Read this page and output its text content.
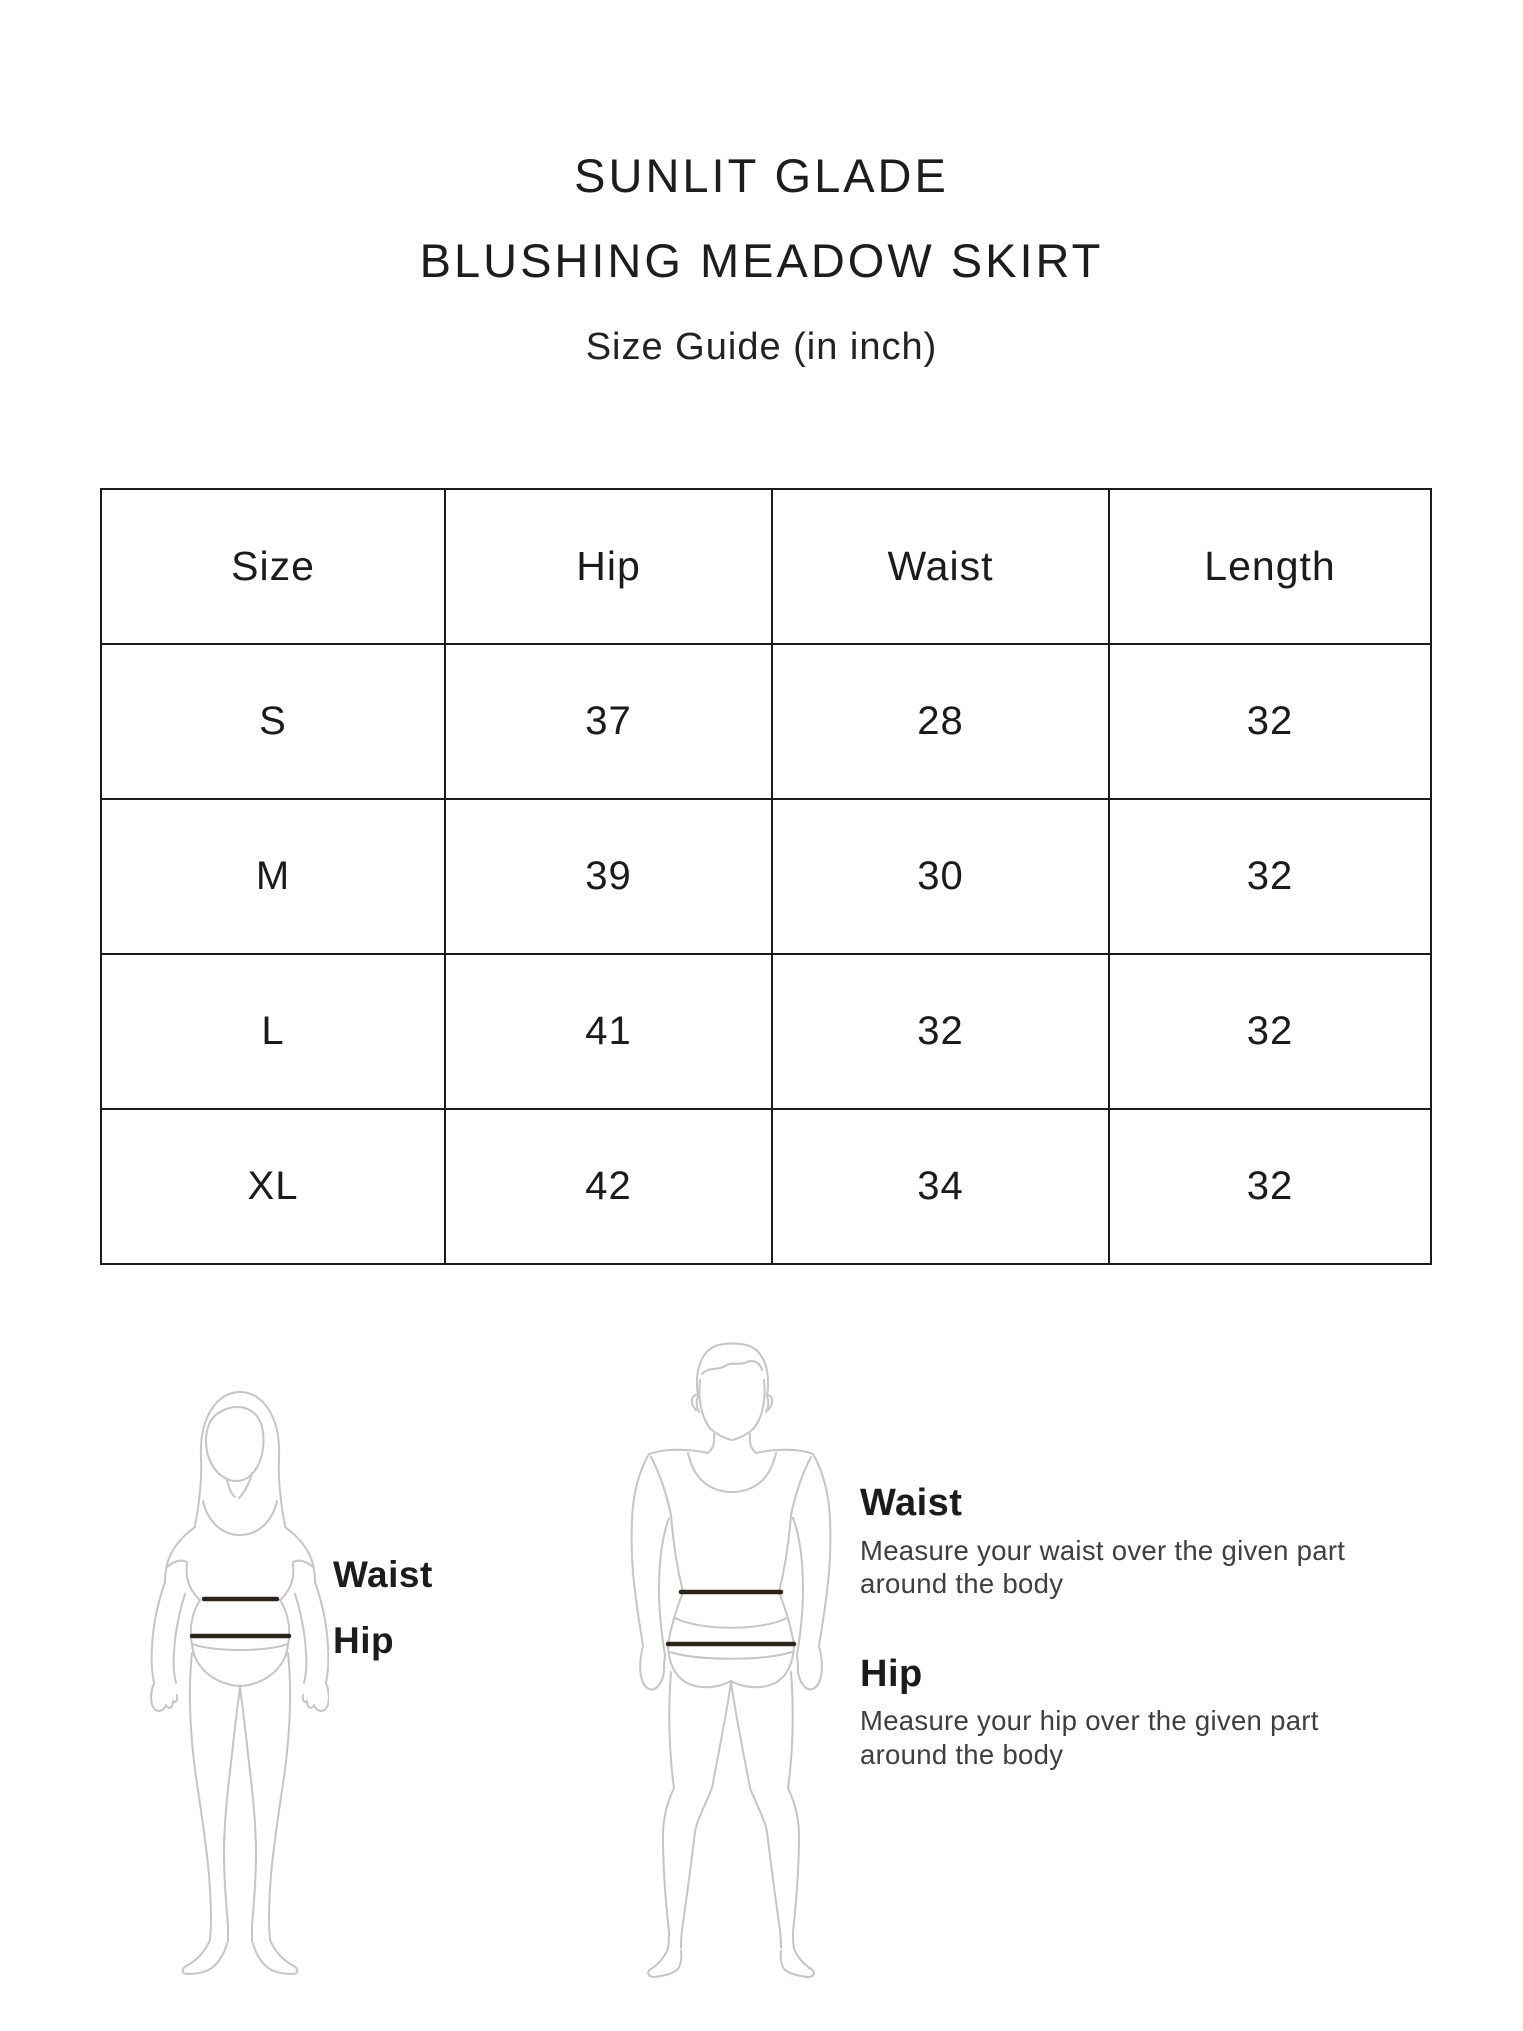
SUNLIT GLADE
BLUSHING MEADOW SKIRT
Size Guide (in inch)
Size	Hip	Waist	Length
S	37	28	32
M	39	30	32
L	41	32	32
XL	42	34	32
Waist
Hip
Waist

Measure your waist over the given part around the body

Hip

Measure your hip over the given part around the body
